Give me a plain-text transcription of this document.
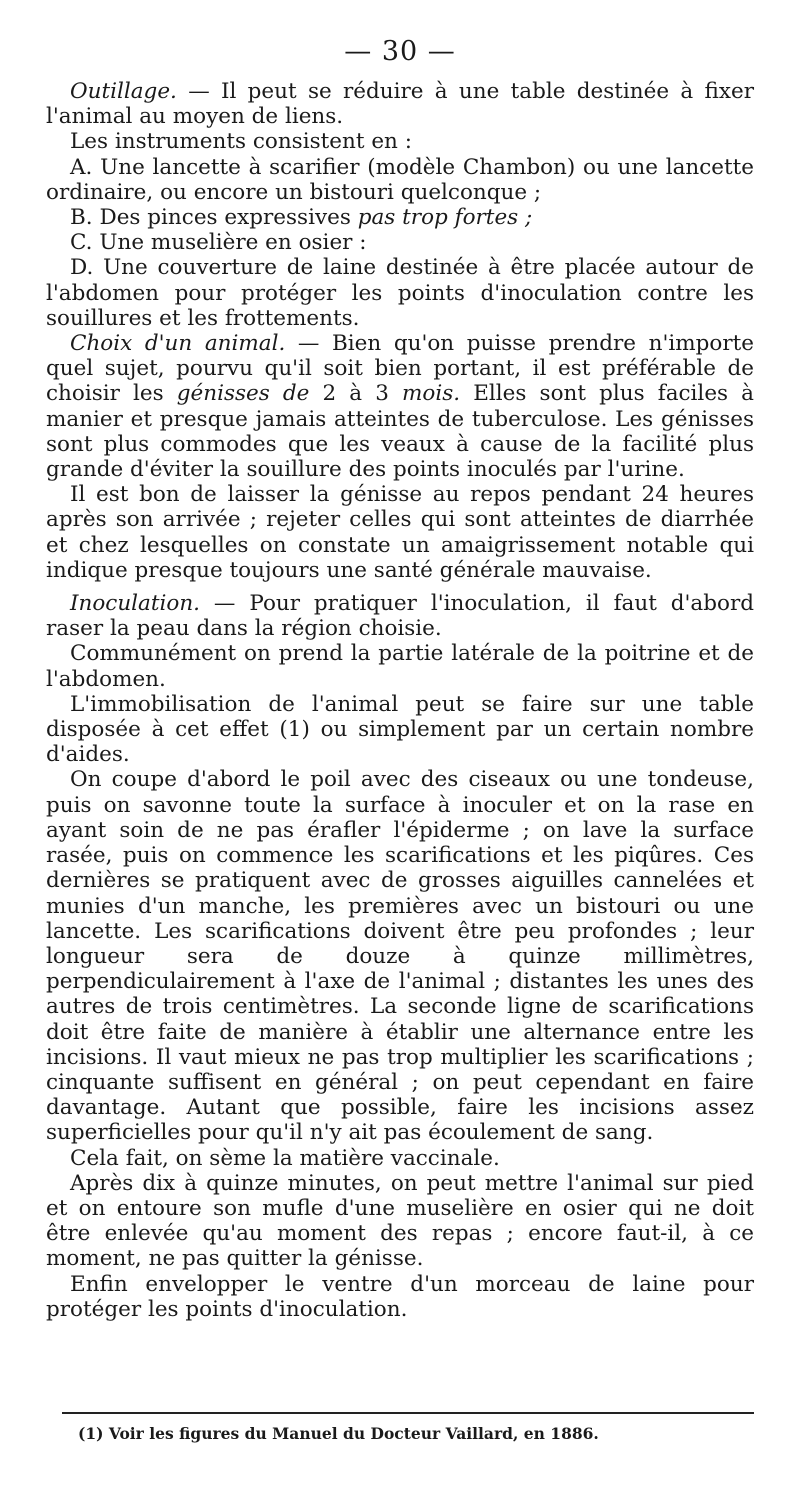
— 30 —

Outillage. — Il peut se réduire à une table destinée à fixer l'animal au moyen de liens.

Les instruments consistent en :

A. Une lancette à scarifier (modèle Chambon) ou une lancette ordinaire, ou encore un bistouri quelconque ;

B. Des pinces expressives pas trop fortes ;

C. Une muselière en osier :

D. Une couverture de laine destinée à être placée autour de l'abdomen pour protéger les points d'inoculation contre les souillures et les frottements.

Choix d'un animal. — Bien qu'on puisse prendre n'importe quel sujet, pourvu qu'il soit bien portant, il est préférable de choisir les génisses de 2 à 3 mois. Elles sont plus faciles à manier et presque jamais atteintes de tuberculose. Les génisses sont plus commodes que les veaux à cause de la facilité plus grande d'éviter la souillure des points inoculés par l'urine.

Il est bon de laisser la génisse au repos pendant 24 heures après son arrivée ; rejeter celles qui sont atteintes de diarrhée et chez lesquelles on constate un amaigrissement notable qui indique presque toujours une santé générale mauvaise.

Inoculation. — Pour pratiquer l'inoculation, il faut d'abord raser la peau dans la région choisie.

Communément on prend la partie latérale de la poitrine et de l'abdomen.

L'immobilisation de l'animal peut se faire sur une table disposée à cet effet (1) ou simplement par un certain nombre d'aides.

On coupe d'abord le poil avec des ciseaux ou une tondeuse, puis on savonne toute la surface à inoculer et on la rase en ayant soin de ne pas érafler l'épiderme ; on lave la surface rasée, puis on commence les scarifications et les piqûres. Ces dernières se pratiquent avec de grosses aiguilles cannelées et munies d'un manche, les premières avec un bistouri ou une lancette. Les scarifications doivent être peu profondes ; leur longueur sera de douze à quinze millimètres, perpendiculairement à l'axe de l'animal ; distantes les unes des autres de trois centimètres. La seconde ligne de scarifications doit être faite de manière à établir une alternance entre les incisions. Il vaut mieux ne pas trop multiplier les scarifications ; cinquante suffisent en général ; on peut cependant en faire davantage. Autant que possible, faire les incisions assez superficielles pour qu'il n'y ait pas écoulement de sang.

Cela fait, on sème la matière vaccinale.

Après dix à quinze minutes, on peut mettre l'animal sur pied et on entoure son mufle d'une muselière en osier qui ne doit être enlevée qu'au moment des repas ; encore faut-il, à ce moment, ne pas quitter la génisse.

Enfin envelopper le ventre d'un morceau de laine pour protéger les points d'inoculation.

(1) Voir les figures du Manuel du Docteur Vaillard, en 1886.
